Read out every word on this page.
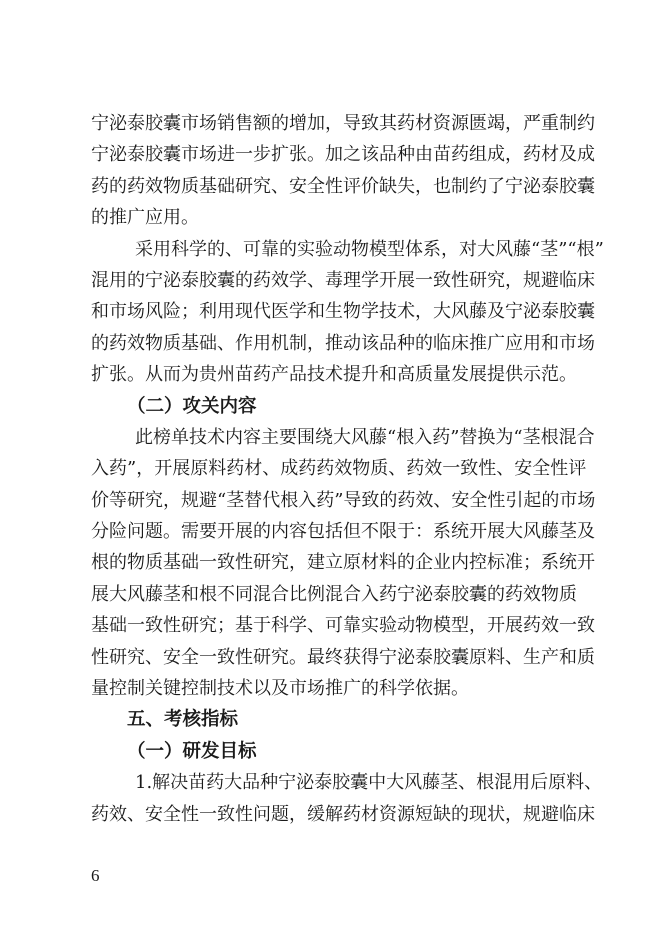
宁泌泰胶囊市场销售额的增加，导致其药材资源匮竭，严重制约
宁泌泰胶囊市场进一步扩张。加之该品种由苗药组成，药材及成
药的药效物质基础研究、安全性评价缺失，也制约了宁泌泰胶囊
的推广应用。
采用科学的、可靠的实验动物模型体系，对大风藤“茎”“根”
混用的宁泌泰胶囊的药效学、毒理学开展一致性研究，规避临床
和市场风险；利用现代医学和生物学技术，大风藤及宁泌泰胶囊
的药效物质基础、作用机制，推动该品种的临床推广应用和市场
扩张。从而为贵州苗药产品技术提升和高质量发展提供示范。
（二）攻关内容
此榜单技术内容主要围绕大风藤“根入药”替换为“茎根混合
入药”，开展原料药材、成药药效物质、药效一致性、安全性评
价等研究，规避“茎替代根入药”导致的药效、安全性引起的市场
分险问题。需要开展的内容包括但不限于：系统开展大风藤茎及
根的物质基础一致性研究，建立原材料的企业内控标准；系统开
展大风藤茎和根不同混合比例混合入药宁泌泰胶囊的药效物质
基础一致性研究；基于科学、可靠实验动物模型，开展药效一致
性研究、安全一致性研究。最终获得宁泌泰胶囊原料、生产和质
量控制关键控制技术以及市场推广的科学依据。
五、考核指标
（一）研发目标
1.解决苗药大品种宁泌泰胶囊中大风藤茎、根混用后原料、
药效、安全性一致性问题，缓解药材资源短缺的现状，规避临床
6
